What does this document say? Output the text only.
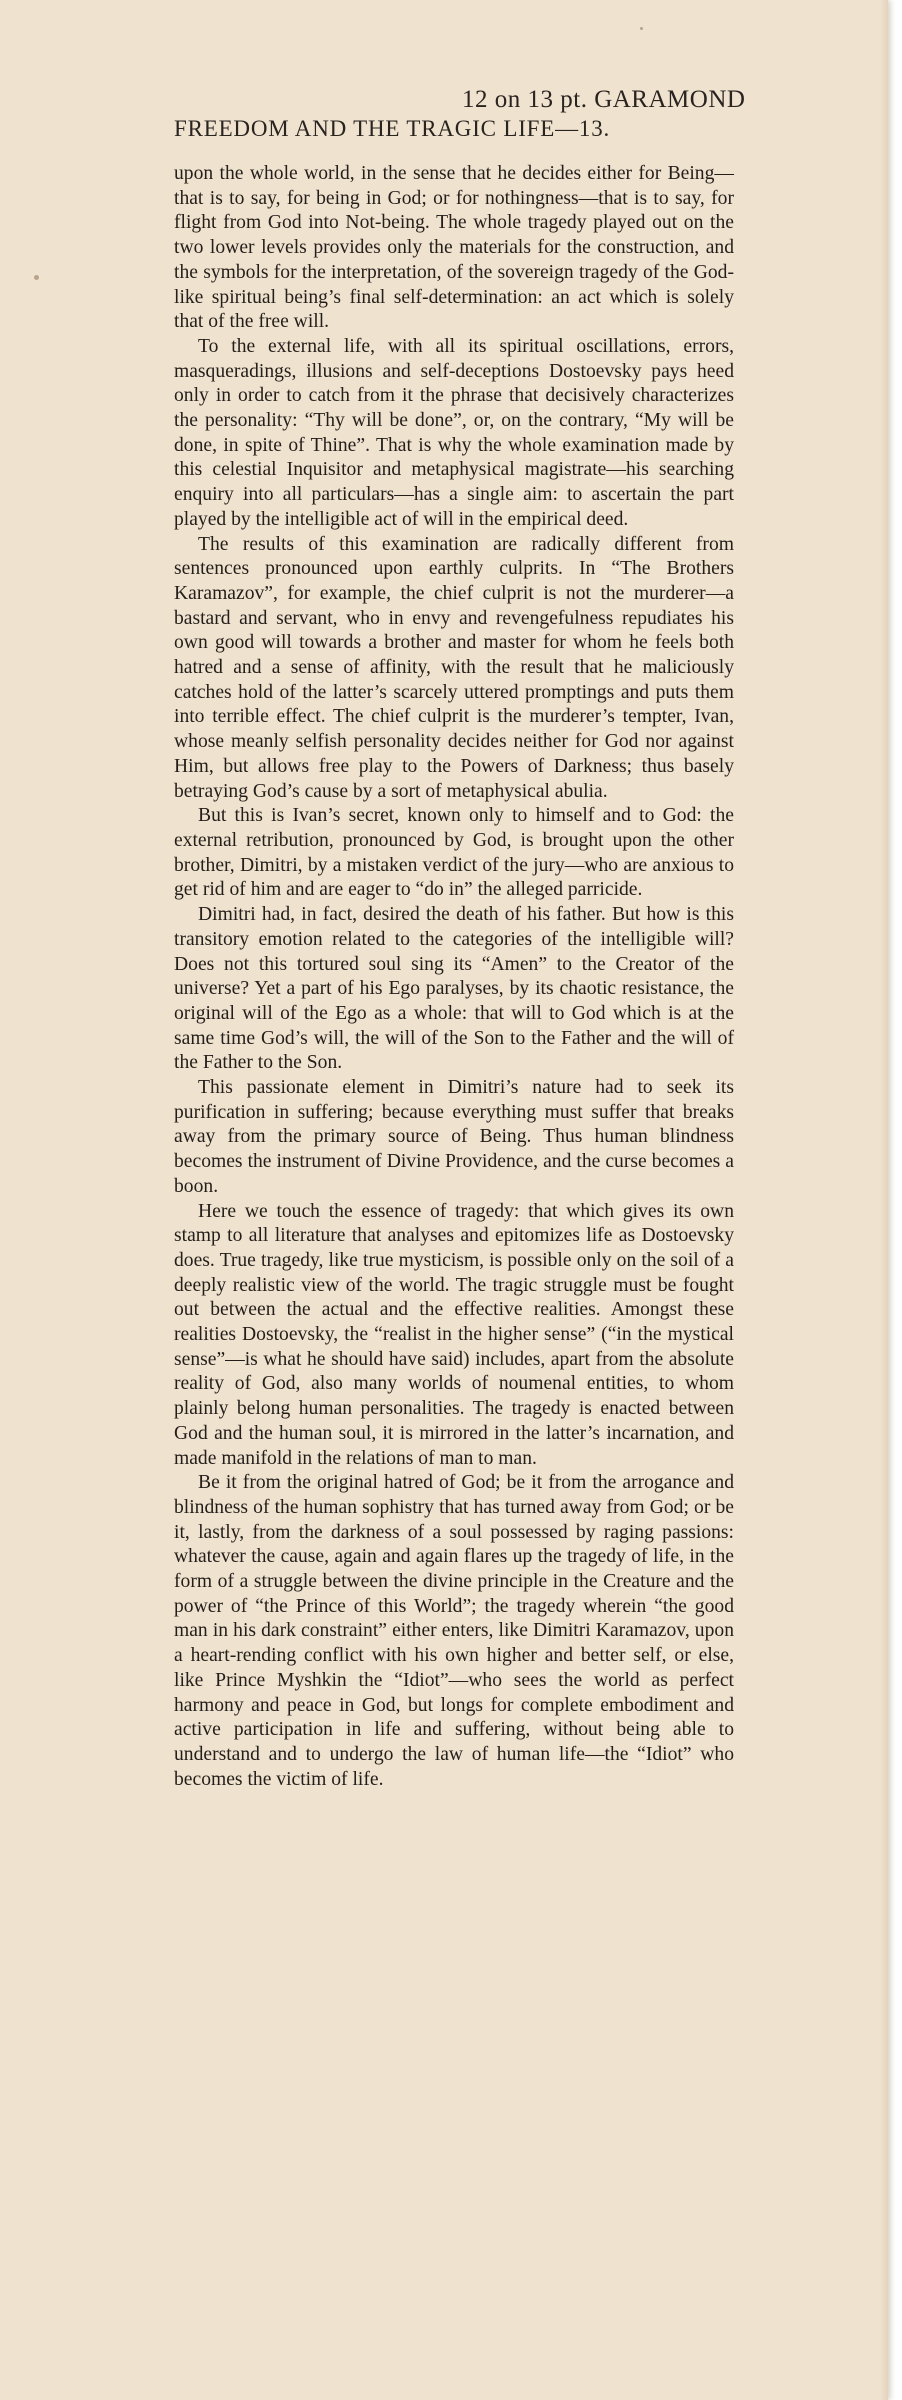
12 on 13 pt. GARAMOND
FREEDOM AND THE TRAGIC LIFE—13.

upon the whole world, in the sense that he decides either for Being—that is to say, for being in God; or for nothingness—that is to say, for flight from God into Not-being. The whole tragedy played out on the two lower levels provides only the materials for the construction, and the symbols for the interpretation, of the sovereign tragedy of the God-like spiritual being’s final self-determination: an act which is solely that of the free will.

To the external life, with all its spiritual oscillations, errors, masqueradings, illusions and self-deceptions Dostoevsky pays heed only in order to catch from it the phrase that decisively characterizes the personality: “Thy will be done”, or, on the contrary, “My will be done, in spite of Thine”. That is why the whole examination made by this celestial Inquisitor and metaphysical magistrate—his searching enquiry into all particulars—has a single aim: to ascertain the part played by the intelligible act of will in the empirical deed.

The results of this examination are radically different from sentences pronounced upon earthly culprits. In “The Brothers Karamazov”, for example, the chief culprit is not the murderer—a bastard and servant, who in envy and revengefulness repudiates his own good will towards a brother and master for whom he feels both hatred and a sense of affinity, with the result that he maliciously catches hold of the latter’s scarcely uttered promptings and puts them into terrible effect. The chief culprit is the murderer’s tempter, Ivan, whose meanly selfish personality decides neither for God nor against Him, but allows free play to the Powers of Darkness; thus basely betraying God’s cause by a sort of metaphysical abulia.

But this is Ivan’s secret, known only to himself and to God: the external retribution, pronounced by God, is brought upon the other brother, Dimitri, by a mistaken verdict of the jury—who are anxious to get rid of him and are eager to “do in” the alleged parricide.

Dimitri had, in fact, desired the death of his father. But how is this transitory emotion related to the categories of the intelligible will? Does not this tortured soul sing its “Amen” to the Creator of the universe? Yet a part of his Ego paralyses, by its chaotic resistance, the original will of the Ego as a whole: that will to God which is at the same time God’s will, the will of the Son to the Father and the will of the Father to the Son.

This passionate element in Dimitri’s nature had to seek its purification in suffering; because everything must suffer that breaks away from the primary source of Being. Thus human blindness becomes the instrument of Divine Providence, and the curse becomes a boon.

Here we touch the essence of tragedy: that which gives its own stamp to all literature that analyses and epitomizes life as Dostoevsky does. True tragedy, like true mysticism, is possible only on the soil of a deeply realistic view of the world. The tragic struggle must be fought out between the actual and the effective realities. Amongst these realities Dostoevsky, the “realist in the higher sense” (“in the mystical sense”—is what he should have said) includes, apart from the absolute reality of God, also many worlds of noumenal entities, to whom plainly belong human personalities. The tragedy is enacted between God and the human soul, it is mirrored in the latter’s incarnation, and made manifold in the relations of man to man.

Be it from the original hatred of God; be it from the arrogance and blindness of the human sophistry that has turned away from God; or be it, lastly, from the darkness of a soul possessed by raging passions: whatever the cause, again and again flares up the tragedy of life, in the form of a struggle between the divine principle in the Creature and the power of “the Prince of this World”; the tragedy wherein “the good man in his dark constraint” either enters, like Dimitri Karamazov, upon a heart-rending conflict with his own higher and better self, or else, like Prince Myshkin the “Idiot”—who sees the world as perfect harmony and peace in God, but longs for complete embodiment and active participation in life and suffering, without being able to understand and to undergo the law of human life—the “Idiot” who becomes the victim of life.
